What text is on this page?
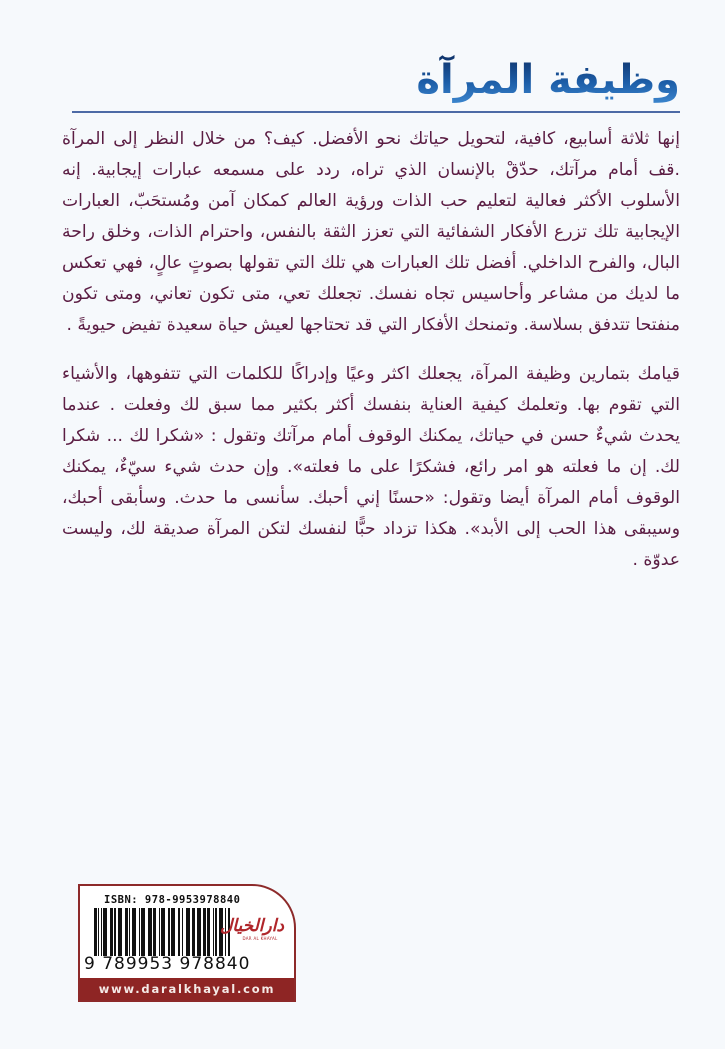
وظيفة المرآة

إنها ثلاثة أسابيع، كافية، لتحويل حياتك نحو الأفضل. كيف؟ من خلال النظر إلى المرآة .قف أمام مرآتك، حدّقْ بالإنسان الذي تراه، ردد على مسمعه عبارات إيجابية. إنه الأسلوب الأكثر فعالية لتعليم حب الذات ورؤية العالم كمكان آمن ومُستحَبّ، العبارات الإيجابية تلك تزرع الأفكار الشفائية التي تعزز الثقة بالنفس، واحترام الذات، وخلق راحة البال، والفرح الداخلي. أفضل تلك العبارات هي تلك التي تقولها بصوتٍ عالٍ، فهي تعكس ما لديك من مشاعر وأحاسيس تجاه نفسك. تجعلك تعي، متى تكون تعاني، ومتى تكون منفتحا تتدفق بسلاسة. وتمنحك الأفكار التي قد تحتاجها لعيش حياة سعيدة تفيض حيويةً .

قيامك بتمارين وظيفة المرآة، يجعلك اكثر وعيًا وإدراكًا للكلمات التي تتفوهها، والأشياء التي تقوم بها. وتعلمك كيفية العناية بنفسك أكثر بكثير مما سبق لك وفعلت . عندما يحدث شيءٌ حسن في حياتك، يمكنك الوقوف أمام مرآتك وتقول : «شكرا لك ... شكرا لك. إن ما فعلته هو امر رائع، فشكرًا على ما فعلته». وإن حدث شيء سيّءٌ، يمكنك الوقوف أمام المرآة أيضا وتقول: «حسنًا إني أحبك. سأنسى ما حدث. وسأبقى أحبك، وسيبقى هذا الحب إلى الأبد». هكذا تزداد حبًّا لنفسك لتكن المرآة صديقة لك، وليست عدوّة .

ISBN: 978-9953978840
9 789953 978840
دارالخيال
DAR AL KHAYAL
www.daralkhayal.com
